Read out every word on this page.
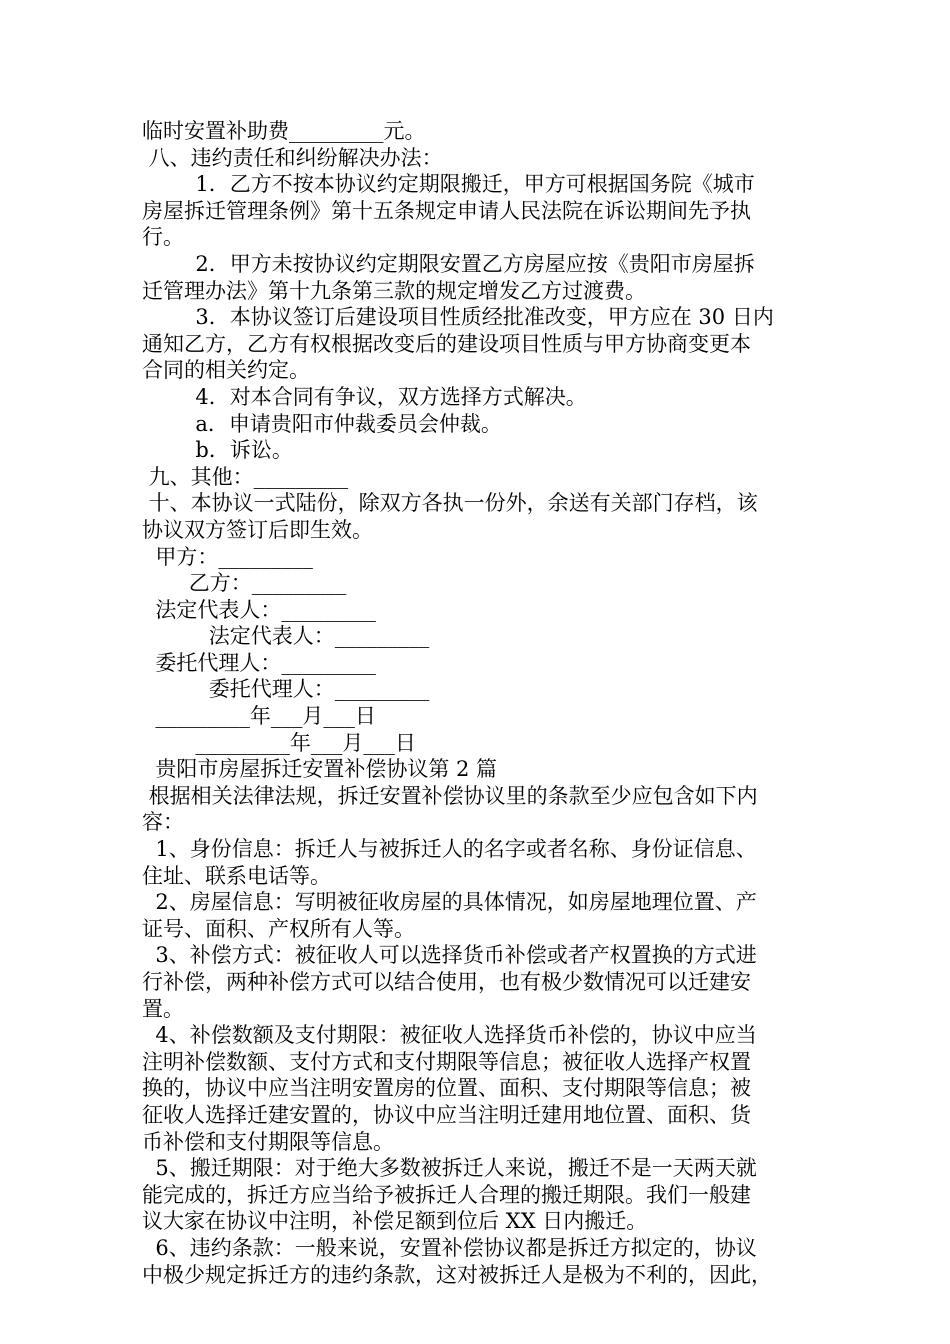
临时安置补助费_________元。
八、违约责任和纠纷解决办法：
1．乙方不按本协议约定期限搬迁，甲方可根据国务院《城市
房屋拆迁管理条例》第十五条规定申请人民法院在诉讼期间先予执
行。
2．甲方未按协议约定期限安置乙方房屋应按《贵阳市房屋拆
迁管理办法》第十九条第三款的规定增发乙方过渡费。
3．本协议签订后建设项目性质经批准改变，甲方应在 30 日内
通知乙方，乙方有权根据改变后的建设项目性质与甲方协商变更本
合同的相关约定。
4．对本合同有争议，双方选择方式解决。
a．申请贵阳市仲裁委员会仲裁。
b．诉讼。
九、其他：_________
十、本协议一式陆份，除双方各执一份外，余送有关部门存档，该
协议双方签订后即生效。
甲方：_________
乙方：_________
法定代表人：_________
法定代表人：_________
委托代理人：_________
委托代理人：_________
_________年___月___日
_________年___月___日
贵阳市房屋拆迁安置补偿协议第 2 篇
根据相关法律法规，拆迁安置补偿协议里的条款至少应包含如下内
容：
1、身份信息：拆迁人与被拆迁人的名字或者名称、身份证信息、
住址、联系电话等。
2、房屋信息：写明被征收房屋的具体情况，如房屋地理位置、产
证号、面积、产权所有人等。
3、补偿方式：被征收人可以选择货币补偿或者产权置换的方式进
行补偿，两种补偿方式可以结合使用，也有极少数情况可以迁建安
置。
4、补偿数额及支付期限：被征收人选择货币补偿的，协议中应当
注明补偿数额、支付方式和支付期限等信息；被征收人选择产权置
换的，协议中应当注明安置房的位置、面积、支付期限等信息；被
征收人选择迁建安置的，协议中应当注明迁建用地位置、面积、货
币补偿和支付期限等信息。
5、搬迁期限：对于绝大多数被拆迁人来说，搬迁不是一天两天就
能完成的，拆迁方应当给予被拆迁人合理的搬迁期限。我们一般建
议大家在协议中注明，补偿足额到位后 XX 日内搬迁。
6、违约条款：一般来说，安置补偿协议都是拆迁方拟定的，协议
中极少规定拆迁方的违约条款，这对被拆迁人是极为不利的，因此，
